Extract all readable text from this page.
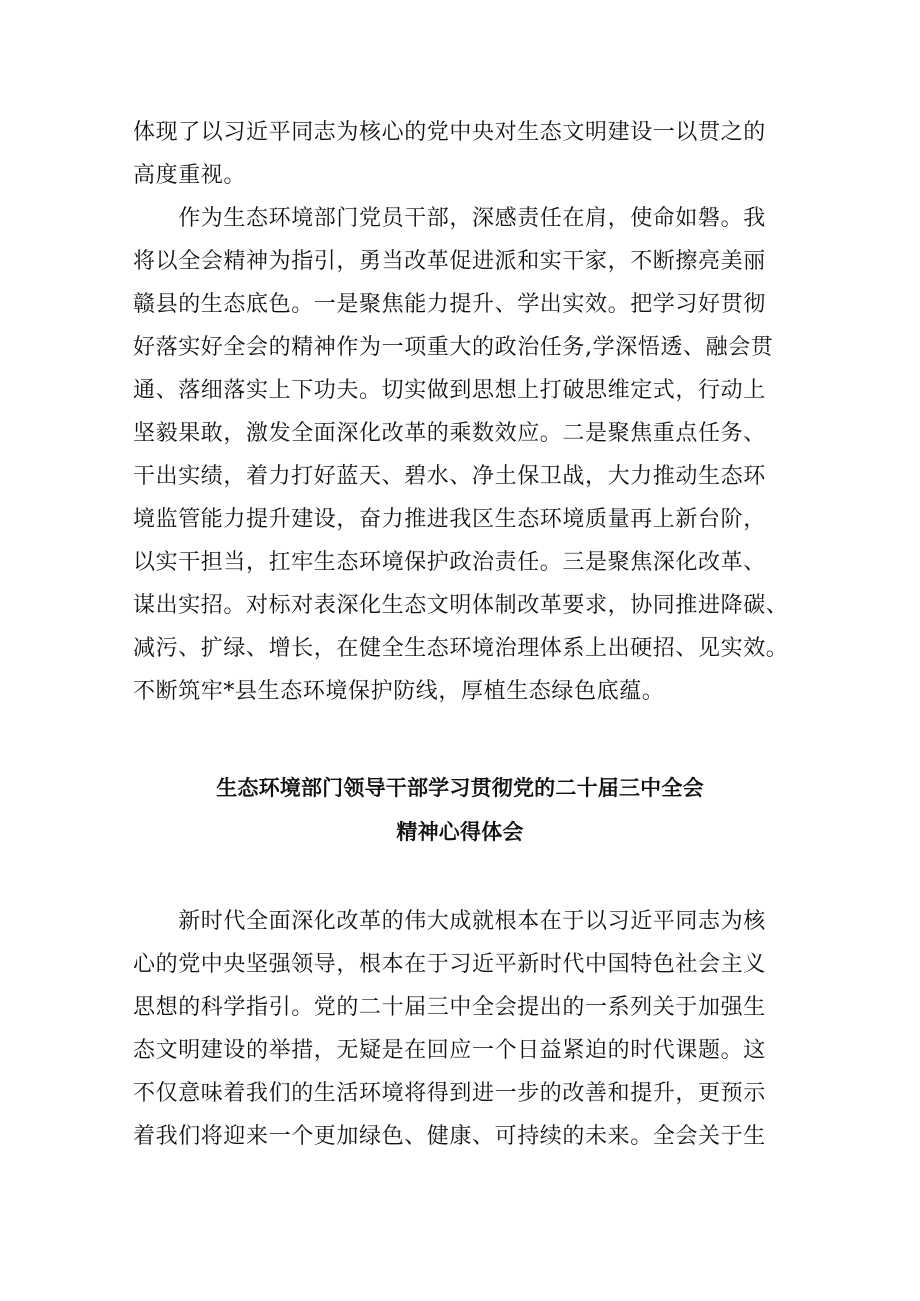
体现了以习近平同志为核心的党中央对生态文明建设一以贯之的
高度重视。
　　作为生态环境部门党员干部，深感责任在肩，使命如磐。我
将以全会精神为指引，勇当改革促进派和实干家，不断擦亮美丽
赣县的生态底色。一是聚焦能力提升、学出实效。把学习好贯彻
好落实好全会的精神作为一项重大的政治任务,学深悟透、融会贯
通、落细落实上下功夫。切实做到思想上打破思维定式，行动上
坚毅果敢，激发全面深化改革的乘数效应。二是聚焦重点任务、
干出实绩，着力打好蓝天、碧水、净土保卫战，大力推动生态环
境监管能力提升建设，奋力推进我区生态环境质量再上新台阶，
以实干担当，扛牢生态环境保护政治责任。三是聚焦深化改革、
谋出实招。对标对表深化生态文明体制改革要求，协同推进降碳、
减污、扩绿、增长，在健全生态环境治理体系上出硬招、见实效。
不断筑牢*县生态环境保护防线，厚植生态绿色底蕴。
生态环境部门领导干部学习贯彻党的二十届三中全会
精神心得体会
　　新时代全面深化改革的伟大成就根本在于以习近平同志为核
心的党中央坚强领导，根本在于习近平新时代中国特色社会主义
思想的科学指引。党的二十届三中全会提出的一系列关于加强生
态文明建设的举措，无疑是在回应一个日益紧迫的时代课题。这
不仅意味着我们的生活环境将得到进一步的改善和提升，更预示
着我们将迎来一个更加绿色、健康、可持续的未来。全会关于生
